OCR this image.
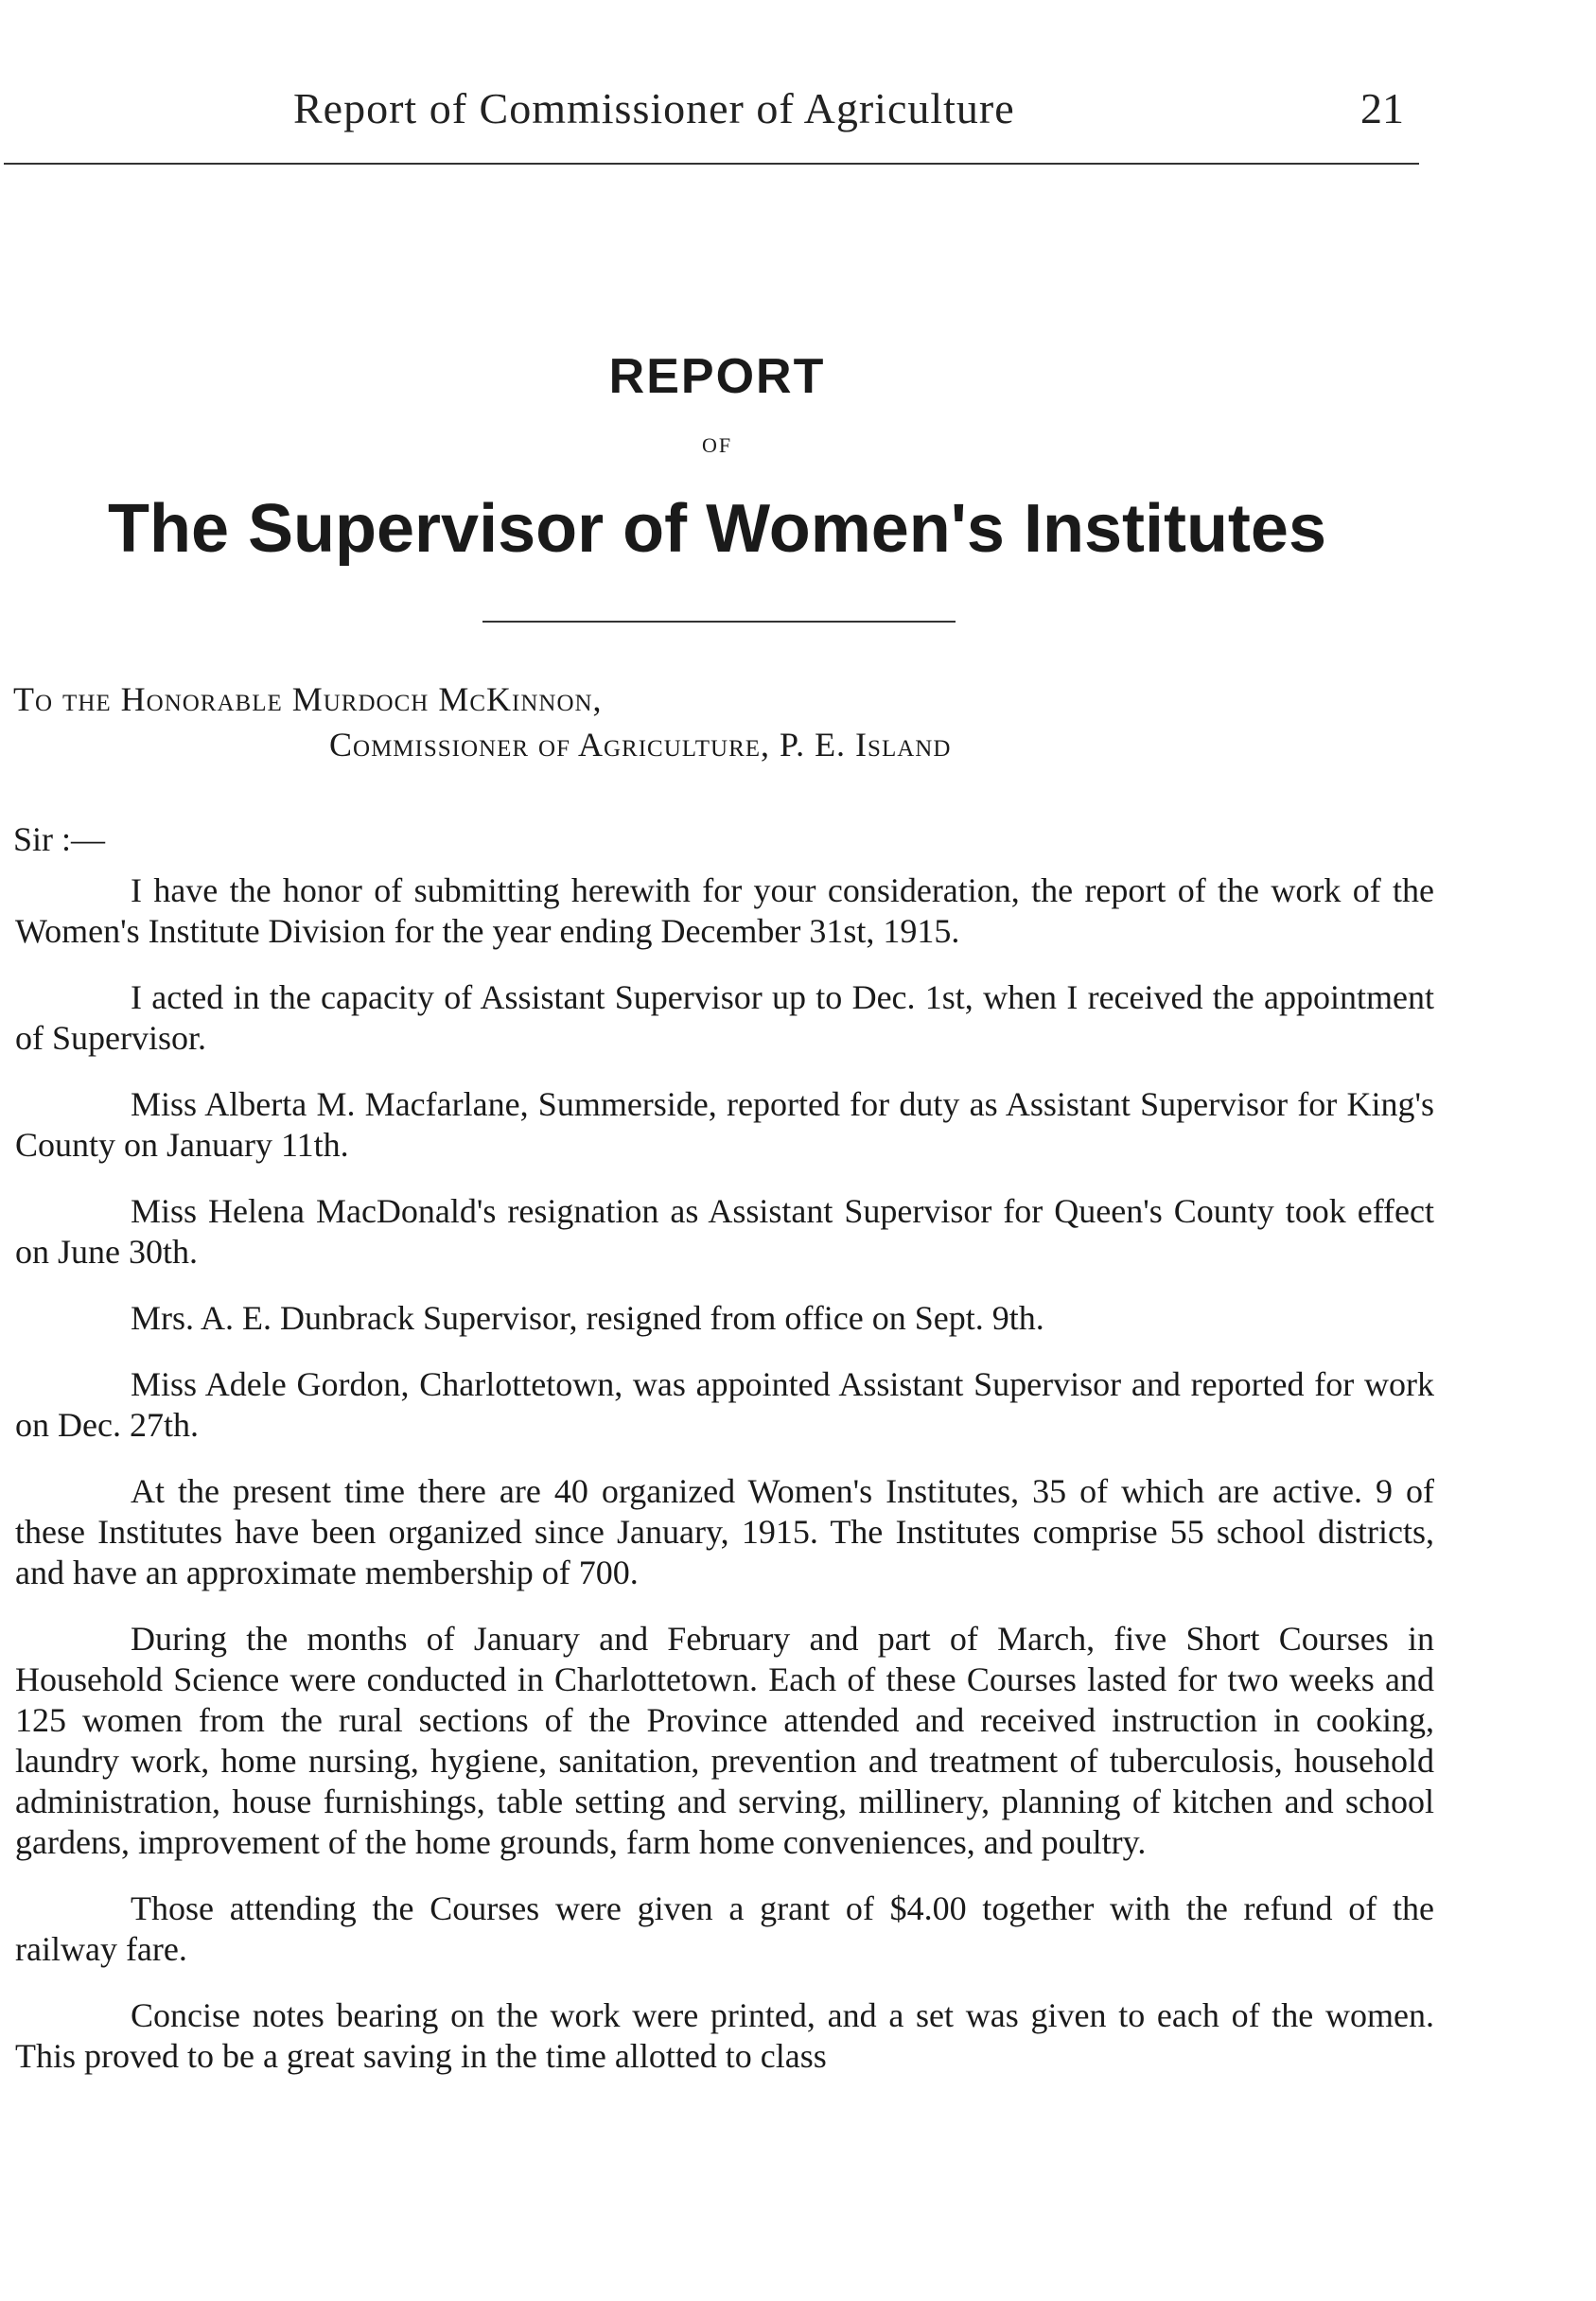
Report of Commissioner of Agriculture	21
REPORT
OF
The Supervisor of Women's Institutes
To the Honorable Murdoch McKinnon,
Commissioner of Agriculture, P. E. Island
Sir :—

I have the honor of submitting herewith for your consideration, the report of the work of the Women's Institute Division for the year ending December 31st, 1915.

I acted in the capacity of Assistant Supervisor up to Dec. 1st, when I received the appointment of Supervisor.

Miss Alberta M. Macfarlane, Summerside, reported for duty as Assistant Supervisor for King's County on January 11th.

Miss Helena MacDonald's resignation as Assistant Supervisor for Queen's County took effect on June 30th.

Mrs. A. E. Dunbrack Supervisor, resigned from office on Sept. 9th.

Miss Adele Gordon, Charlottetown, was appointed Assistant Supervisor and reported for work on Dec. 27th.

At the present time there are 40 organized Women's Institutes, 35 of which are active. 9 of these Institutes have been organized since January, 1915. The Institutes comprise 55 school districts, and have an approximate membership of 700.

During the months of January and February and part of March, five Short Courses in Household Science were conducted in Charlottetown. Each of these Courses lasted for two weeks and 125 women from the rural sections of the Province attended and received instruction in cooking, laundry work, home nursing, hygiene, sanitation, prevention and treatment of tuberculosis, household administration, house furnishings, table setting and serving, millinery, planning of kitchen and school gardens, improvement of the home grounds, farm home conveniences, and poultry.

Those attending the Courses were given a grant of $4.00 together with the refund of the railway fare.

Concise notes bearing on the work were printed, and a set was given to each of the women. This proved to be a great saving in the time allotted to class
